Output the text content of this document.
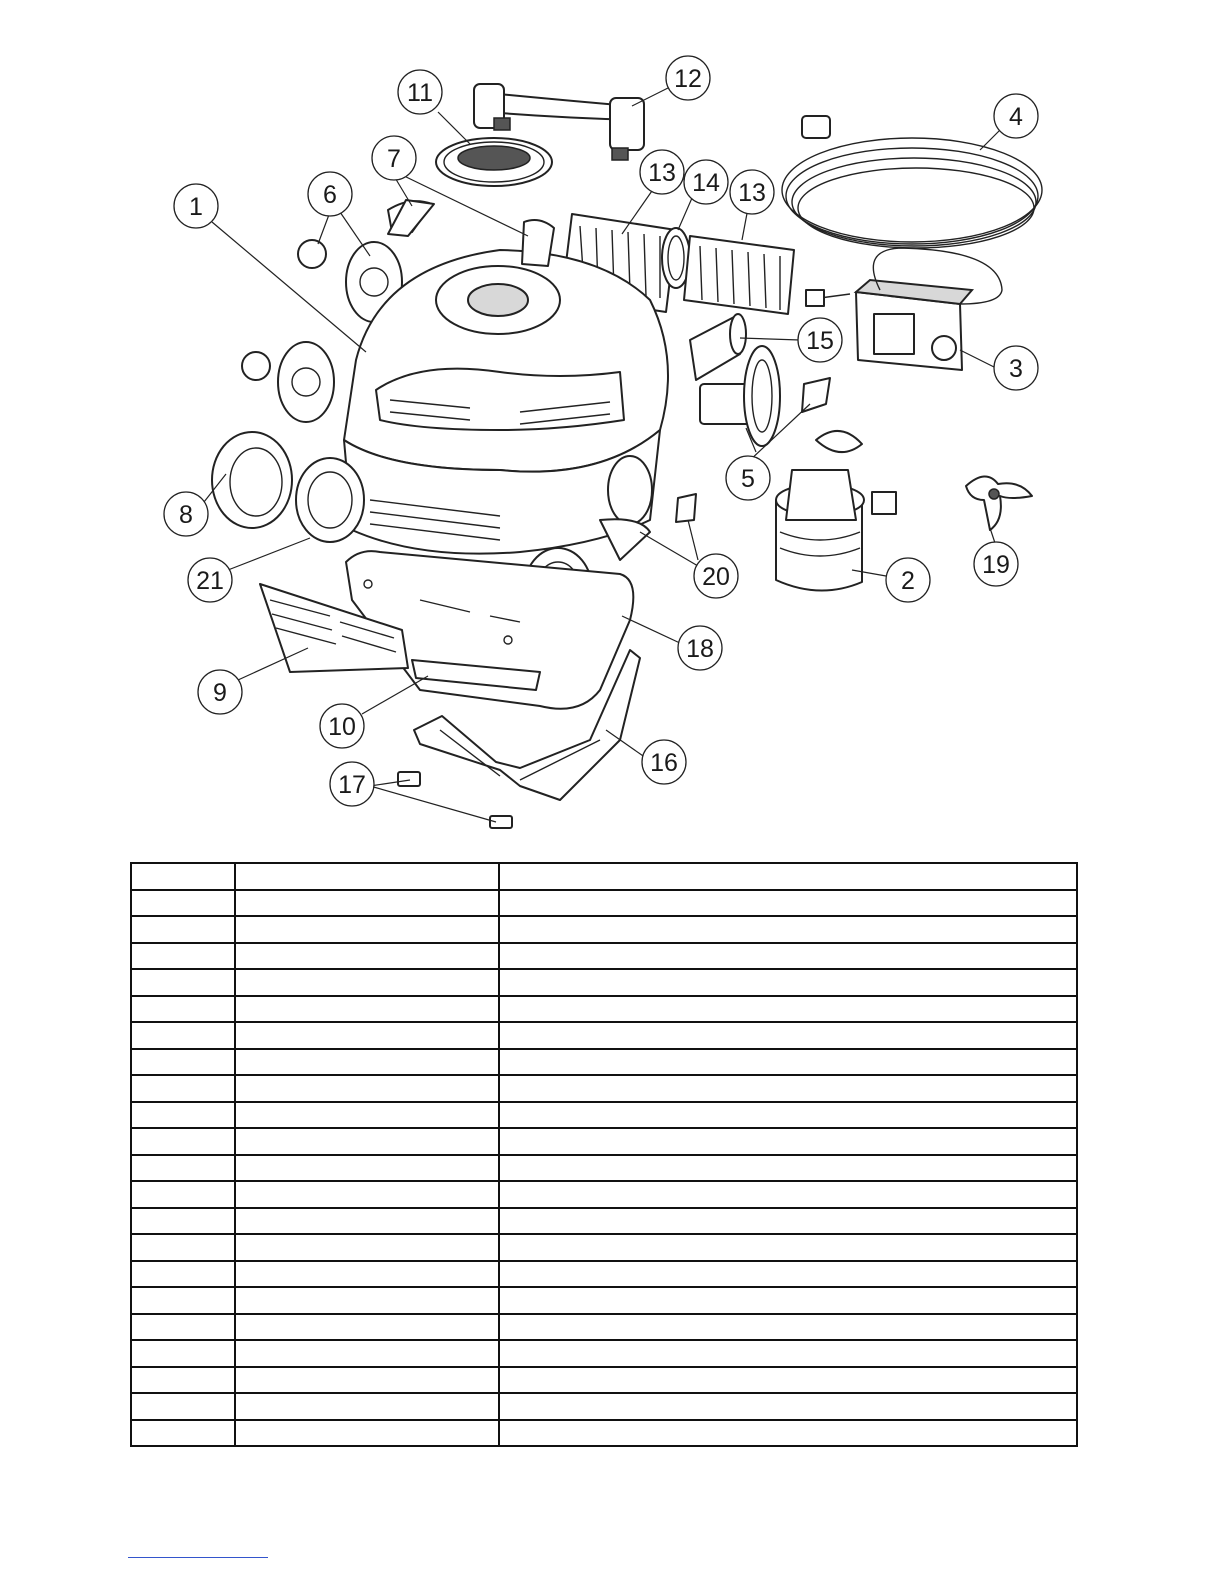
1
2
3
4
5
6
7
8
9
10
11	12
13
13
14
15
16
17
18
19
20
21
